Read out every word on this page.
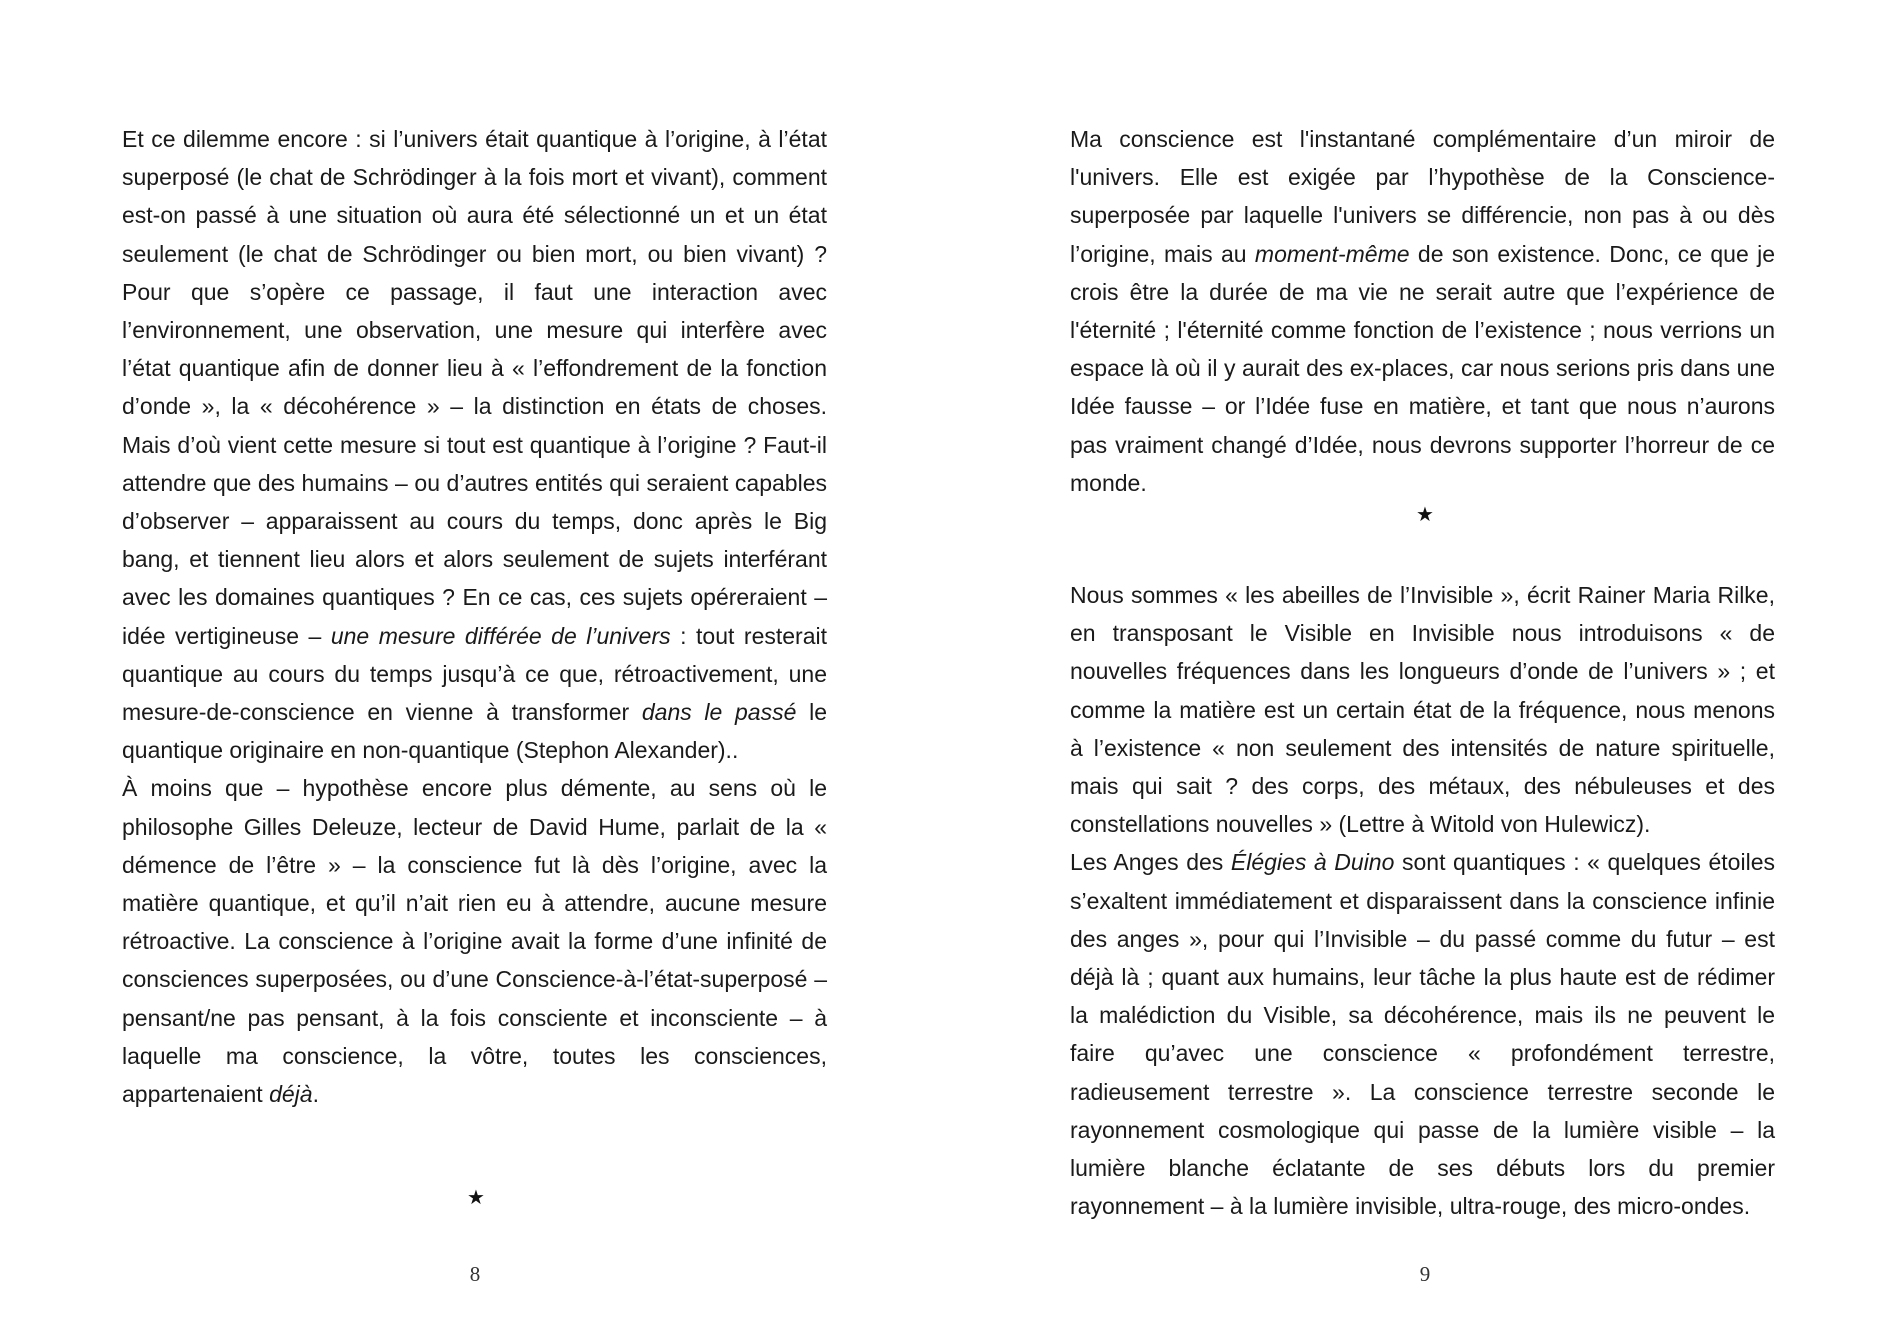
Et ce dilemme encore : si l’univers était quantique à l’origine, à l’état superposé (le chat de Schrödinger à la fois mort et vivant), comment est-on passé à une situation où aura été sélectionné un et un état seulement (le chat de Schrödinger ou bien mort, ou bien vivant) ? Pour que s’opère ce passage, il faut une interaction avec l’environnement, une observation, une mesure qui interfère avec l’état quantique afin de donner lieu à « l’effondrement de la fonction d’onde », la « décohérence » – la distinction en états de choses. Mais d’où vient cette mesure si tout est quantique à l’origine ? Faut-il attendre que des humains – ou d’autres entités qui seraient capables d’observer – apparaissent au cours du temps, donc après le Big bang, et tiennent lieu alors et alors seulement de sujets interférant avec les domaines quantiques ? En ce cas, ces sujets opéreraient – idée vertigineuse – une mesure différée de l’univers : tout resterait quantique au cours du temps jusqu’à ce que, rétroactivement, une mesure-de-conscience en vienne à transformer dans le passé le quantique originaire en non-quantique (Stephon Alexander)..

À moins que – hypothèse encore plus démente, au sens où le philosophe Gilles Deleuze, lecteur de David Hume, parlait de la « démence de l’être » – la conscience fut là dès l’origine, avec la matière quantique, et qu’il n’ait rien eu à attendre, aucune mesure rétroactive. La conscience à l’origine avait la forme d’une infinité de consciences superposées, ou d’une Conscience-à-l’état-superposé – pensant/ne pas pensant, à la fois consciente et inconsciente – à laquelle ma conscience, la vôtre, toutes les consciences, appartenaient déjà.

★
8

Ma conscience est l'instantané complémentaire d’un miroir de l'univers. Elle est exigée par l’hypothèse de la Conscience-superposée par laquelle l'univers se différencie, non pas à ou dès l’origine, mais au moment-même de son existence. Donc, ce que je crois être la durée de ma vie ne serait autre que l’expérience de l'éternité ; l'éternité comme fonction de l’existence ; nous verrions un espace là où il y aurait des ex-places, car nous serions pris dans une Idée fausse – or l’Idée fuse en matière, et tant que nous n’aurons pas vraiment changé d’Idée, nous devrons supporter l’horreur de ce monde.

★

Nous sommes « les abeilles de l’Invisible », écrit Rainer Maria Rilke, en transposant le Visible en Invisible nous introduisons « de nouvelles fréquences dans les longueurs d’onde de l’univers » ; et comme la matière est un certain état de la fréquence, nous menons à l’existence « non seulement des intensités de nature spirituelle, mais qui sait ? des corps, des métaux, des nébuleuses et des constellations nouvelles » (Lettre à Witold von Hulewicz).

Les Anges des Élégies à Duino sont quantiques : « quelques étoiles s’exaltent immédiatement et disparaissent dans la conscience infinie des anges », pour qui l’Invisible – du passé comme du futur – est déjà là ; quant aux humains, leur tâche la plus haute est de rédimer la malédiction du Visible, sa décohérence, mais ils ne peuvent le faire qu’avec une conscience « profondément terrestre, radieusement terrestre ». La conscience terrestre seconde le rayonnement cosmologique qui passe de la lumière visible – la lumière blanche éclatante de ses débuts lors du premier rayonnement – à la lumière invisible, ultra-rouge, des micro-ondes.

9
